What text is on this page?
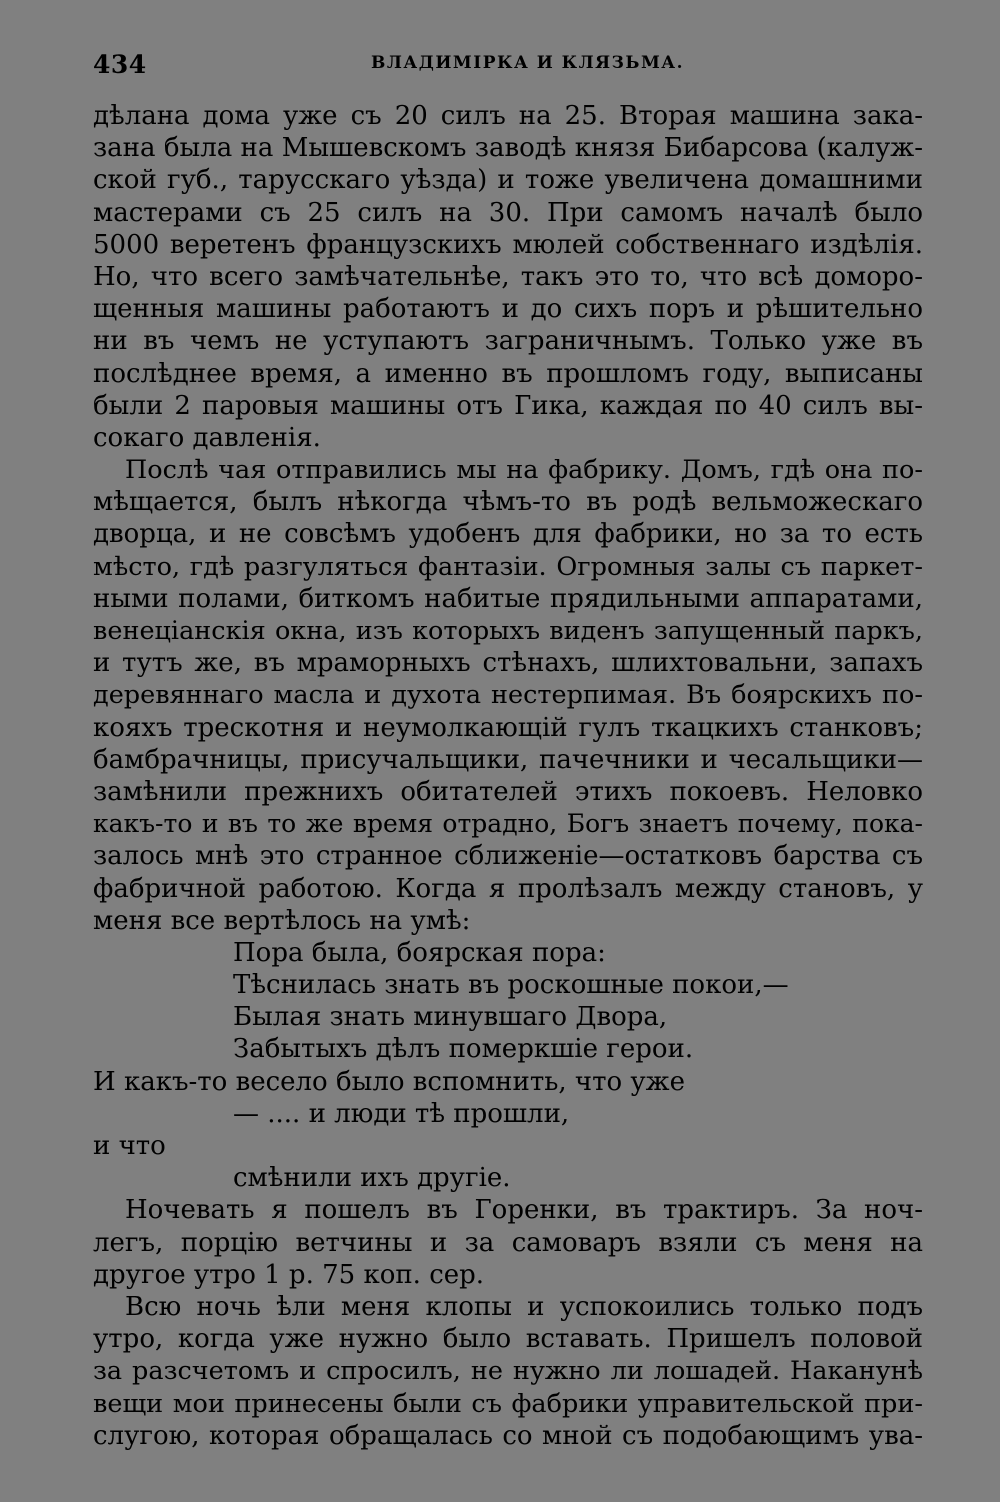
434	ВЛАДИМІРКА И КЛЯЗЬМА.
дѣлана дома уже съ 20 силъ на 25. Вторая машина зака-
зана была на Мышевскомъ заводѣ князя Бибарсова (калуж-
ской губ., тарусскаго уѣзда) и тоже увеличена домашними
мастерами съ 25 силъ на 30. При самомъ началѣ было
5000 веретенъ французскихъ мюлей собственнаго издѣлія.
Но, что всего замѣчательнѣе, такъ это то, что всѣ доморо-
щенныя машины работаютъ и до сихъ поръ и рѣшительно
ни въ чемъ не уступаютъ заграничнымъ. Только уже въ
послѣднее время, а именно въ прошломъ году, выписаны
были 2 паровыя машины отъ Гика, каждая по 40 силъ вы-
сокаго давленія.
Послѣ чая отправились мы на фабрику. Домъ, гдѣ она по-
мѣщается, былъ нѣкогда чѣмъ-то въ родѣ вельможескаго
дворца, и не совсѣмъ удобенъ для фабрики, но за то есть
мѣсто, гдѣ разгуляться фантазіи. Огромныя залы съ паркет-
ными полами, биткомъ набитые прядильными аппаратами,
венеціанскія окна, изъ которыхъ виденъ запущенный паркъ,
и тутъ же, въ мраморныхъ стѣнахъ, шлихтовальни, запахъ
деревяннаго масла и духота нестерпимая. Въ боярскихъ по-
кояхъ трескотня и неумолкающій гулъ ткацкихъ станковъ;
бамбрачницы, присучальщики, пачечники и чесальщики—
замѣнили прежнихъ обитателей этихъ покоевъ. Неловко
какъ-то и въ то же время отрадно, Богъ знаетъ почему, пока-
залось мнѣ это странное сближеніе—остатковъ барства съ
фабричной работою. Когда я пролѣзалъ между становъ, у
меня все вертѣлось на умѣ:
Пора была, боярская пора:
Тѣснилась знать въ роскошные покои,—
Былая знать минувшаго Двора,
Забытыхъ дѣлъ померкшіе герои.
И какъ-то весело было вспомнить, что уже
— .... и люди тѣ прошли,
и что
смѣнили ихъ другіе.
Ночевать я пошелъ въ Горенки, въ трактиръ. За ноч-
легъ, порцію ветчины и за самоваръ взяли съ меня на
другое утро 1 р. 75 коп. сер.
Всю ночь ѣли меня клопы и успокоились только подъ
утро, когда уже нужно было вставать. Пришелъ половой
за разсчетомъ и спросилъ, не нужно ли лошадей. Наканунѣ
вещи мои принесены были съ фабрики управительской при-
слугою, которая обращалась со мной съ подобающимъ ува-
